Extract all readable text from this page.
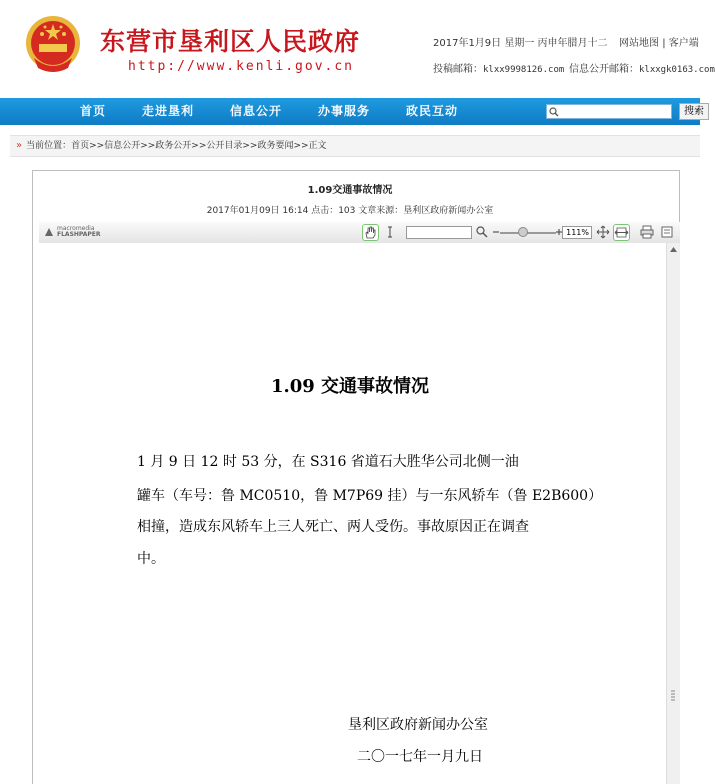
东营市垦利区人民政府
http://www.kenli.gov.cn
2017年1月9日 星期一 丙申年腊月十二 网站地图 | 客户端
投稿邮箱：klxx9998126.com 信息公开邮箱：klxxgk0163.com
首页	走进垦利	信息公开	办事服务	政民互动	搜索
» 当前位置：首页>>信息公开>>政务公开>>公开目录>>政务要闻>>正文
1.09交通事故情况
2017年01月09日 16:14 点击：103 文章来源：垦利区政府新闻办公室
macromedia
FLASHPAPER	111%
1.09 交通事故情况
1 月 9 日 12 时 53 分，在 S316 省道石大胜华公司北侧一油
罐车（车号：鲁 MC0510，鲁 M7P69 挂）与一东风轿车（鲁 E2B600）
相撞，造成东风轿车上三人死亡、两人受伤。事故原因正在调查
中。
垦利区政府新闻办公室
二〇一七年一月九日
